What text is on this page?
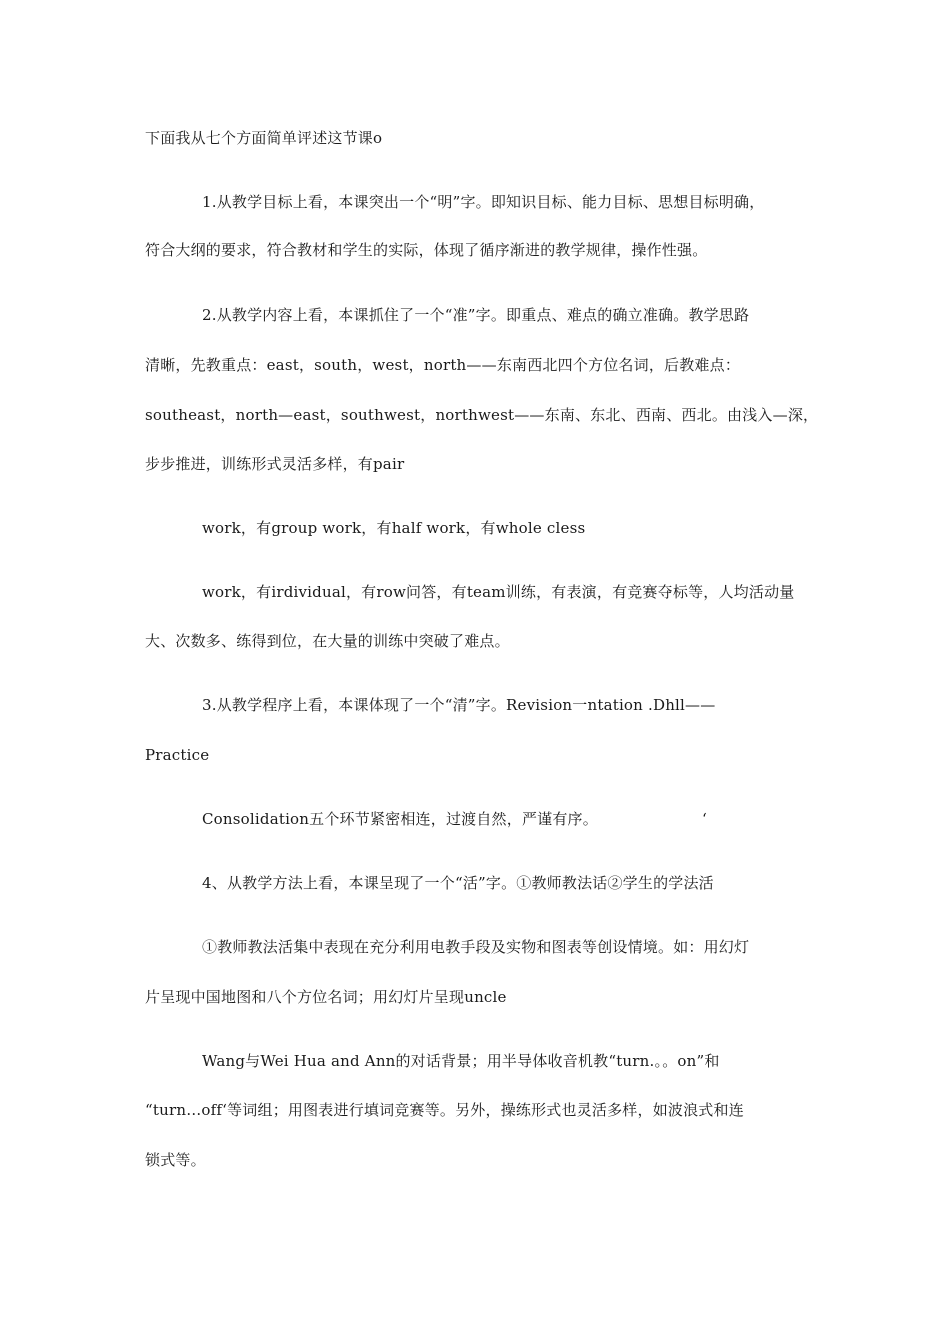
下面我从七个方面简单评述这节课o
1.从教学目标上看，本课突出一个“明”字。即知识目标、能力目标、思想目标明确，
符合大纲的要求，符合教材和学生的实际，体现了循序渐进的教学规律，操作性强。
2.从教学内容上看，本课抓住了一个“准”字。即重点、难点的确立准确。教学思路
清晰，先教重点：east，south，west，north——东南西北四个方位名词，后教难点：
southeast，north—east，southwest，northwest——东南、东北、西南、西北。由浅入—深，
步步推进，训练形式灵活多样，有pair
work，有group work，有half work，有whole cless
work，有irdividual，有row问答，有team训练，有表演，有竞赛夺标等，人均活动量
大、次数多、练得到位，在大量的训练中突破了难点。
3.从教学程序上看，本课体现了一个“清”字。Revision一ntation .Dhll——
Practice
Consolidation五个环节紧密相连，过渡自然，严谨有序。	‘
4、从教学方法上看，本课呈现了一个“活”字。①教师教法话②学生的学法活
①教师教法活集中表现在充分利用电教手段及实物和图表等创设情境。如：用幻灯
片呈现中国地图和八个方位名词；用幻灯片呈现uncle
Wang与Wei Hua and Ann的对话背景；用半导体收音机教“turn.。。on”和
“turn…off‘等词组；用图表进行填词竞赛等。另外，操练形式也灵活多样，如波浪式和连
锁式等。
